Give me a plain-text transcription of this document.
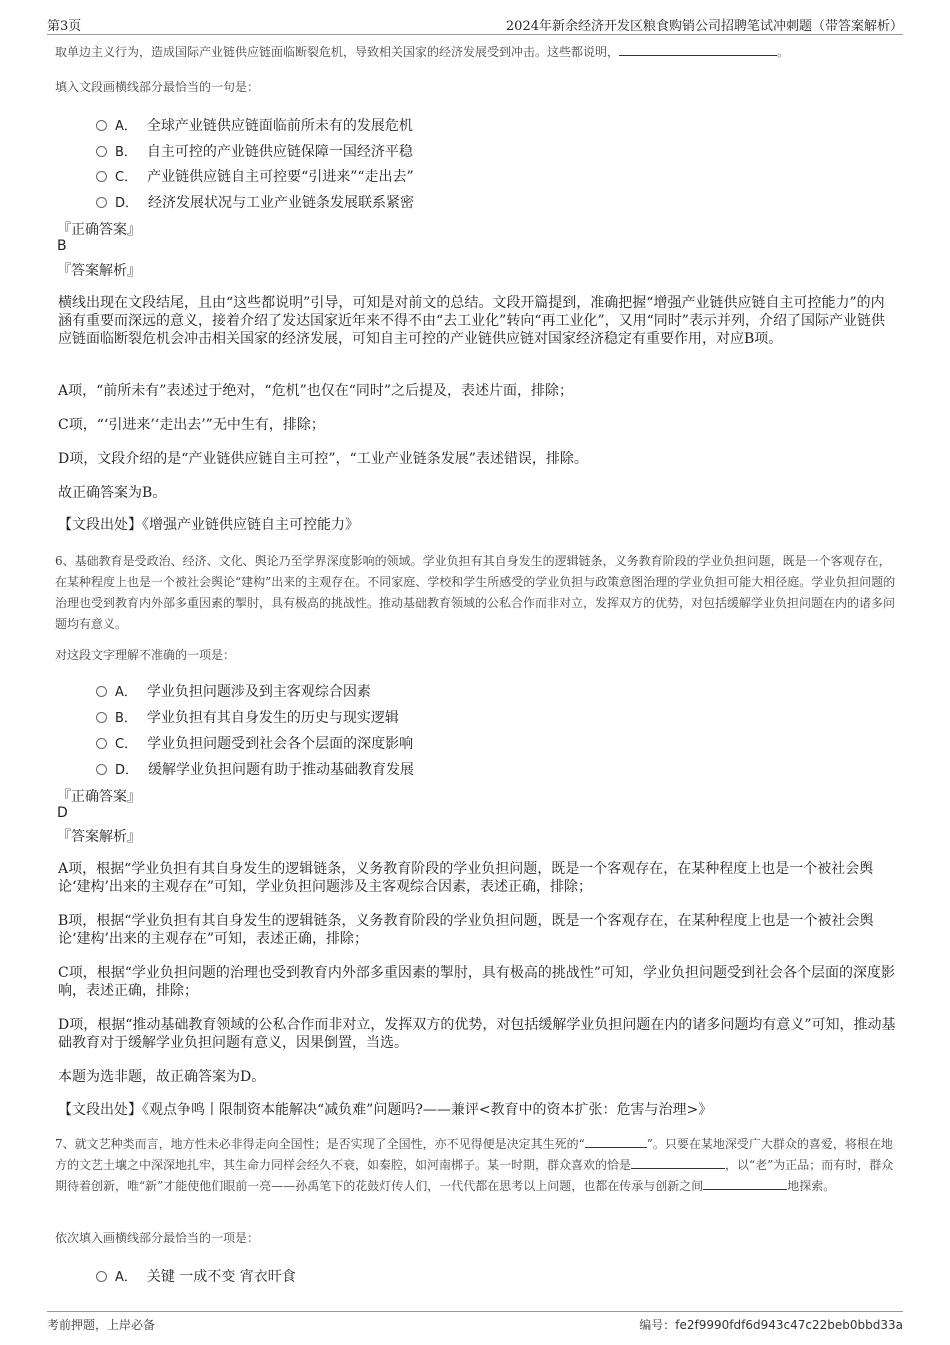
第3页	2024年新余经济开发区粮食购销公司招聘笔试冲刺题（带答案解析）
取单边主义行为，造成国际产业链供应链面临断裂危机，导致相关国家的经济发展受到冲击。这些都说明，	。
填入文段画横线部分最恰当的一句是：
A． 全球产业链供应链面临前所未有的发展危机
B． 自主可控的产业链供应链保障一国经济平稳
C． 产业链供应链自主可控要“引进来”“走出去”
D． 经济发展状况与工业产业链条发展联系紧密
『正确答案』
B
『答案解析』
横线出现在文段结尾，且由“这些都说明”引导，可知是对前文的总结。文段开篇提到，准确把握“增强产业链供应链自主可控能力”的内涵有重要而深远的意义，接着介绍了发达国家近年来不得不由“去工业化”转向“再工业化”，又用“同时”表示并列，介绍了国际产业链供应链面临断裂危机会冲击相关国家的经济发展，可知自主可控的产业链供应链对国家经济稳定有重要作用，对应B项。
A项，“前所未有”表述过于绝对，“危机”也仅在“同时”之后提及，表述片面，排除；
C项，“‘引进来’‘走出去’”无中生有，排除；
D项，文段介绍的是“产业链供应链自主可控”，“工业产业链条发展”表述错误，排除。
故正确答案为B。
【文段出处】《增强产业链供应链自主可控能力》
6、基础教育是受政治、经济、文化、舆论乃至学界深度影响的领域。学业负担有其自身发生的逻辑链条，义务教育阶段的学业负担问题，既是一个客观存在，在某种程度上也是一个被社会舆论“建构”出来的主观存在。不同家庭、学校和学生所感受的学业负担与政策意图治理的学业负担可能大相径庭。学业负担问题的治理也受到教育内外部多重因素的掣肘，具有极高的挑战性。推动基础教育领域的公私合作而非对立，发挥双方的优势，对包括缓解学业负担问题在内的诸多问题均有意义。
对这段文字理解不准确的一项是：
A． 学业负担问题涉及到主客观综合因素
B． 学业负担有其自身发生的历史与现实逻辑
C． 学业负担问题受到社会各个层面的深度影响
D． 缓解学业负担问题有助于推动基础教育发展
『正确答案』
D
『答案解析』
A项，根据“学业负担有其自身发生的逻辑链条，义务教育阶段的学业负担问题，既是一个客观存在，在某种程度上也是一个被社会舆论‘建构’出来的主观存在”可知，学业负担问题涉及主客观综合因素，表述正确，排除；
B项，根据“学业负担有其自身发生的逻辑链条，义务教育阶段的学业负担问题，既是一个客观存在，在某种程度上也是一个被社会舆论‘建构’出来的主观存在”可知，表述正确，排除；
C项，根据“学业负担问题的治理也受到教育内外部多重因素的掣肘，具有极高的挑战性”可知，学业负担问题受到社会各个层面的深度影响，表述正确，排除；
D项，根据“推动基础教育领域的公私合作而非对立，发挥双方的优势，对包括缓解学业负担问题在内的诸多问题均有意义”可知，推动基础教育对于缓解学业负担问题有意义，因果倒置，当选。
本题为选非题，故正确答案为D。
【文段出处】《观点争鸣丨限制资本能解决“减负难”问题吗?——兼评<教育中的资本扩张：危害与治理>》
7、就文艺种类而言，地方性未必非得走向全国性；是否实现了全国性，亦不见得便是决定其生死的“	”。只要在某地深受广大群众的喜爱，将根在地方的文艺土壤之中深深地扎牢，其生命力同样会经久不衰，如秦腔，如河南梆子。某一时期，群众喜欢的恰是	，以“老”为正品；而有时，群众期待着创新，唯“新”才能使他们眼前一亮——孙禹笔下的花鼓灯传人们，一代代都在思考以上问题，也都在传承与创新之间	地探索。
依次填入画横线部分最恰当的一项是：
A． 关键 一成不变 宵衣旰食
考前押题，上岸必备	编号：fe2f9990fdf6d943c47c22beb0bbd33a
